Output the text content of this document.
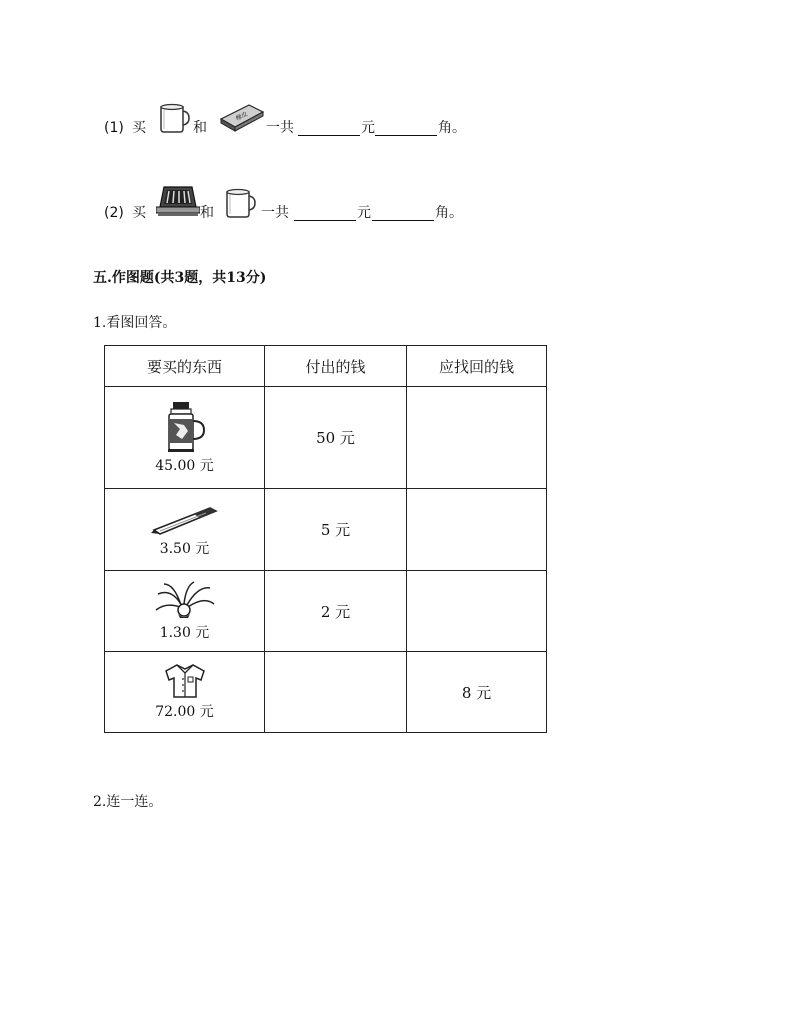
(1) 买	和
橡皮
一共	元	角。
(2) 买	和	一共	元	角。
五.作图题(共3题，共13分)
1.看图回答。
要买的东西	付出的钱	应找回的钱

45.00 元	50 元	

3.50 元	5 元	

1.30 元	2 元	

72.00 元		8 元
2.连一连。
